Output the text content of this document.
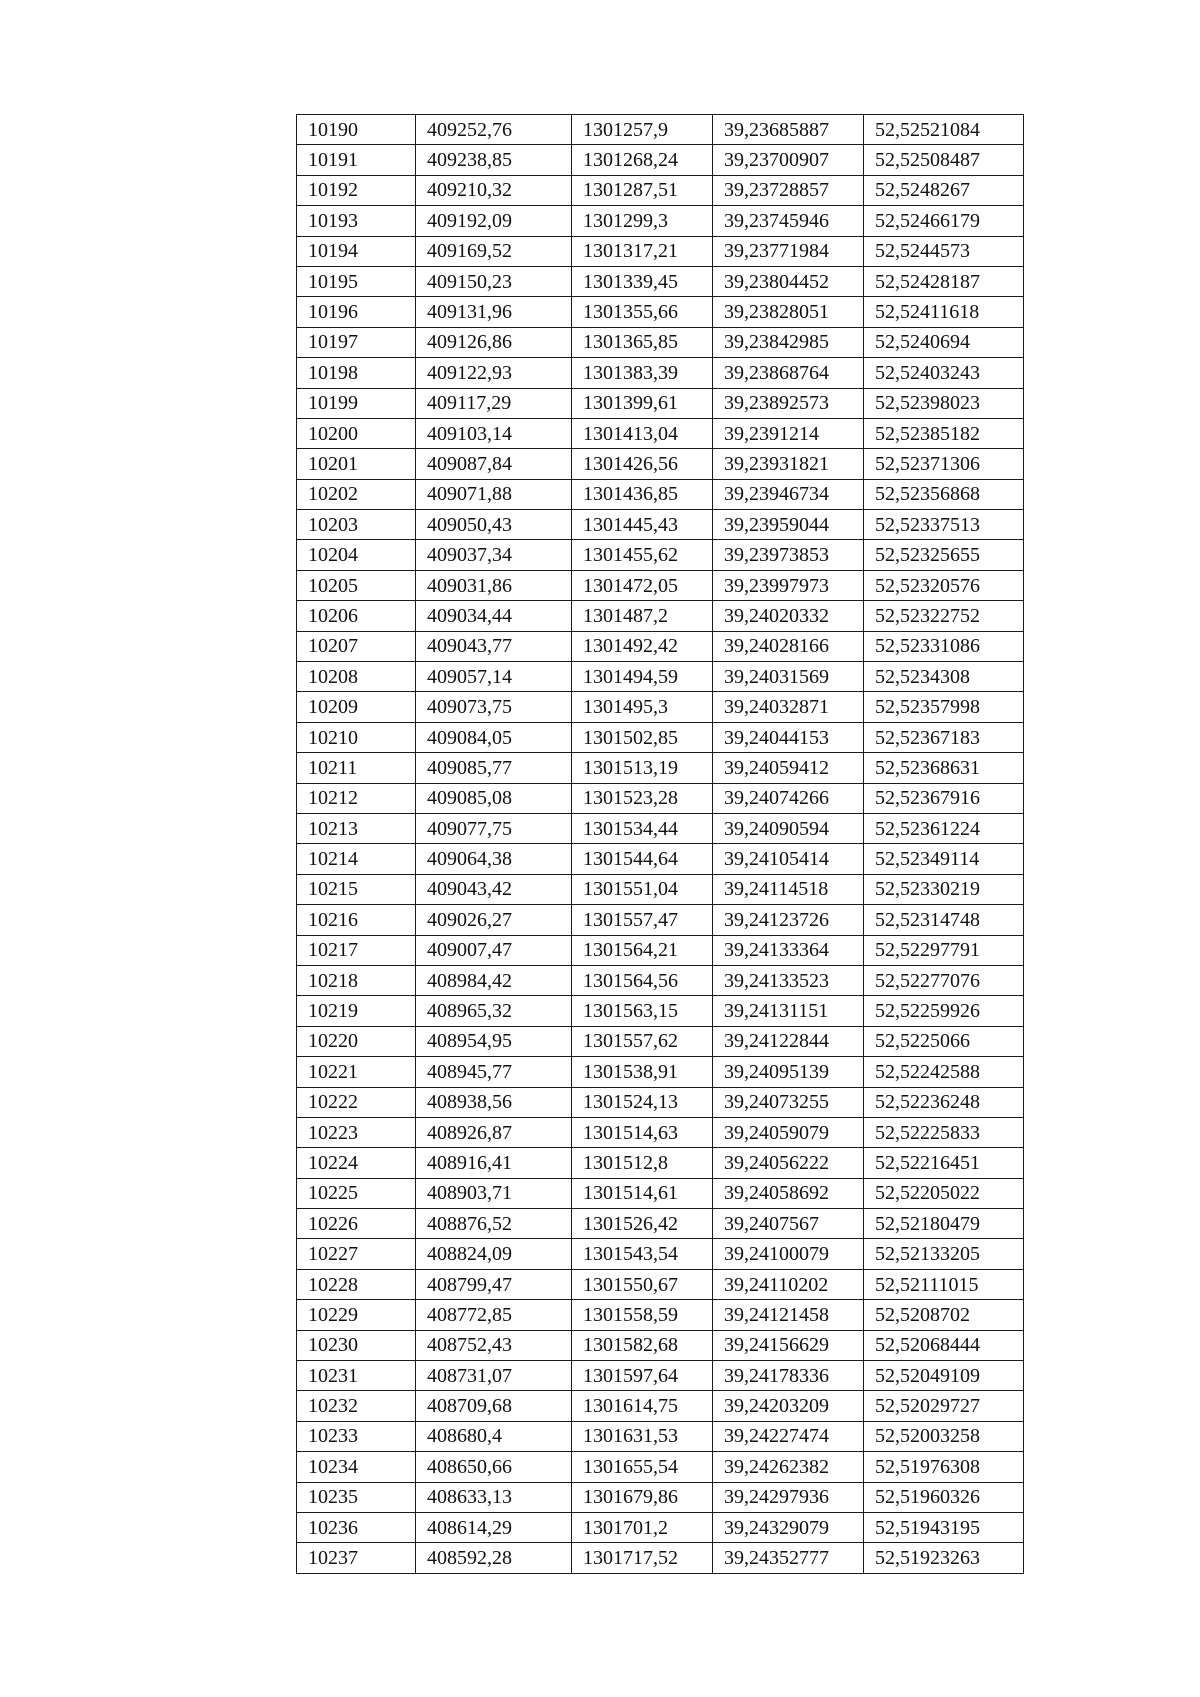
10190	409252,76	1301257,9	39,23685887	52,52521084
10191	409238,85	1301268,24	39,23700907	52,52508487
10192	409210,32	1301287,51	39,23728857	52,5248267
10193	409192,09	1301299,3	39,23745946	52,52466179
10194	409169,52	1301317,21	39,23771984	52,5244573
10195	409150,23	1301339,45	39,23804452	52,52428187
10196	409131,96	1301355,66	39,23828051	52,52411618
10197	409126,86	1301365,85	39,23842985	52,5240694
10198	409122,93	1301383,39	39,23868764	52,52403243
10199	409117,29	1301399,61	39,23892573	52,52398023
10200	409103,14	1301413,04	39,2391214	52,52385182
10201	409087,84	1301426,56	39,23931821	52,52371306
10202	409071,88	1301436,85	39,23946734	52,52356868
10203	409050,43	1301445,43	39,23959044	52,52337513
10204	409037,34	1301455,62	39,23973853	52,52325655
10205	409031,86	1301472,05	39,23997973	52,52320576
10206	409034,44	1301487,2	39,24020332	52,52322752
10207	409043,77	1301492,42	39,24028166	52,52331086
10208	409057,14	1301494,59	39,24031569	52,5234308
10209	409073,75	1301495,3	39,24032871	52,52357998
10210	409084,05	1301502,85	39,24044153	52,52367183
10211	409085,77	1301513,19	39,24059412	52,52368631
10212	409085,08	1301523,28	39,24074266	52,52367916
10213	409077,75	1301534,44	39,24090594	52,52361224
10214	409064,38	1301544,64	39,24105414	52,52349114
10215	409043,42	1301551,04	39,24114518	52,52330219
10216	409026,27	1301557,47	39,24123726	52,52314748
10217	409007,47	1301564,21	39,24133364	52,52297791
10218	408984,42	1301564,56	39,24133523	52,52277076
10219	408965,32	1301563,15	39,24131151	52,52259926
10220	408954,95	1301557,62	39,24122844	52,5225066
10221	408945,77	1301538,91	39,24095139	52,52242588
10222	408938,56	1301524,13	39,24073255	52,52236248
10223	408926,87	1301514,63	39,24059079	52,52225833
10224	408916,41	1301512,8	39,24056222	52,52216451
10225	408903,71	1301514,61	39,24058692	52,52205022
10226	408876,52	1301526,42	39,2407567	52,52180479
10227	408824,09	1301543,54	39,24100079	52,52133205
10228	408799,47	1301550,67	39,24110202	52,52111015
10229	408772,85	1301558,59	39,24121458	52,5208702
10230	408752,43	1301582,68	39,24156629	52,52068444
10231	408731,07	1301597,64	39,24178336	52,52049109
10232	408709,68	1301614,75	39,24203209	52,52029727
10233	408680,4	1301631,53	39,24227474	52,52003258
10234	408650,66	1301655,54	39,24262382	52,51976308
10235	408633,13	1301679,86	39,24297936	52,51960326
10236	408614,29	1301701,2	39,24329079	52,51943195
10237	408592,28	1301717,52	39,24352777	52,51923263
